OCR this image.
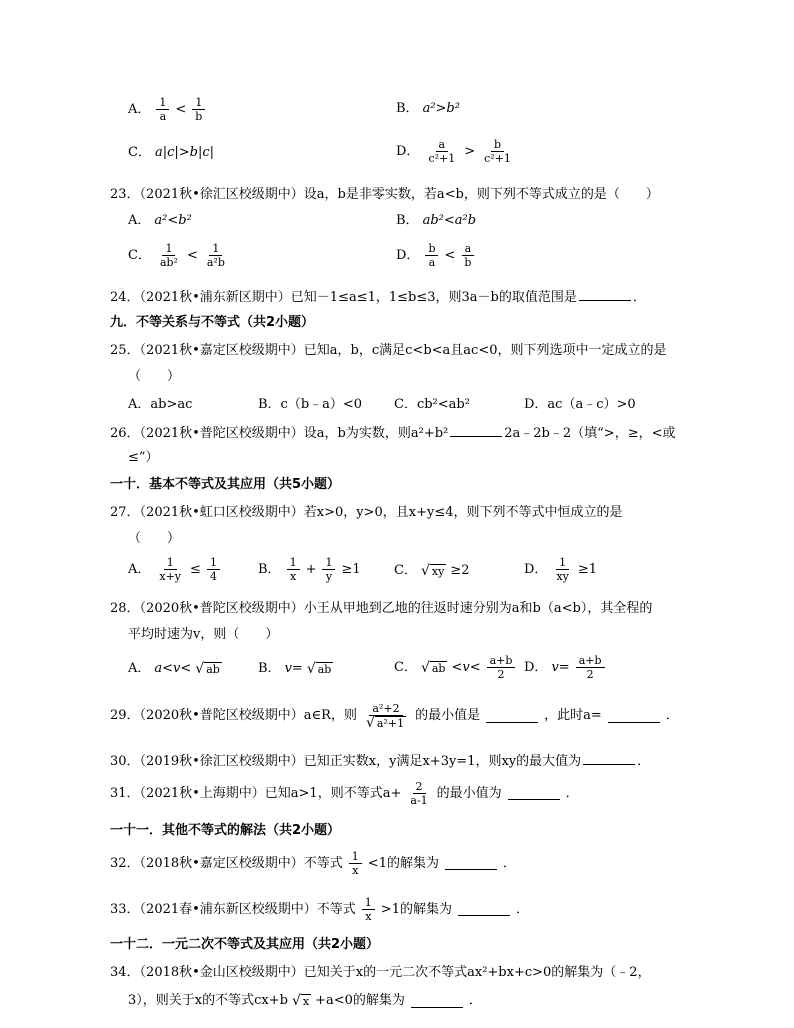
A． $\frac{1}{a} < \frac{1}{b}$	B． a²>b²
C． a|c|>b|c|	D． $\frac{a}{\text{c²+1}} > \frac{b}{\text{c²+1}}$
23．（2021秋•徐汇区校级期中）设a，b是非零实数，若a<b，则下列不等式成立的是（　　）
A． a²<b²	B． ab²<a²b
C． $\frac{1}{\text{ab²}} < \frac{1}{\text{a²b}}$	D． $\frac{b}{a} < \frac{a}{b}$
24．（2021秋•浦东新区期中）已知－1≤a≤1，1≤b≤3，则3a－b的取值范围是	．
九．不等关系与不等式（共2小题）
25．（2021秋•嘉定区校级期中）已知a，b，c满足c<b<a且ac<0，则下列选项中一定成立的是
（　　）
A．ab>ac	B．c（b﹣a）<0 C．cb²<ab²	D．ac（a﹣c）>0
26．（2021秋•普陀区校级期中）设a，b为实数，则a²+b²	2a﹣2b﹣2（填“>，≥，<或
≤”）
一十．基本不等式及其应用（共5小题）
27．（2021秋•虹口区校级期中）若x>0，y>0，且x+y≤4，则下列不等式中恒成立的是
（　　）
A． $\frac{1}{x+y} \le \frac{1}{4}$	B． $\frac{1}{x} + \frac{1}{y} \ge 1$	C． √ xy ≥2	D． $\frac{1}{xy} \ge 1$
28．（2020秋•普陀区校级期中）小王从甲地到乙地的往返时速分别为a和b（a<b），其全程的
平均时速为v，则（　　）
A． a<v< √ ab	B． v= √ ab	C． √ ab $<v< \frac{a+b}{2}$ D． $v= \frac{a+b}{2}$
29．（2020秋•普陀区校级期中）a∈R，则 $\frac{\text{a²+2}}{\text{√ a²+1}}$ 的最小值是	，此时a=	．
30．（2019秋•徐汇区校级期中）已知正实数x，y满足x+3y=1，则xy的最大值为	．
31．（2021秋•上海期中）已知a>1，则不等式$a+ \frac{2}{a-1}$ 的最小值为	．
一十一．其他不等式的解法（共2小题）
32．（2018秋•嘉定区校级期中）不等式 $\frac{1}{x} <1$的解集为	．
33．（2021春•浦东新区校级期中）不等式 $\frac{1}{x} >1$的解集为	．
一十二．一元二次不等式及其应用（共2小题）
34．（2018秋•金山区校级期中）已知关于x的一元二次不等式ax²+bx+c>0的解集为（﹣2，
3），则关于x的不等式cx+b √ x +a<0的解集为	．
